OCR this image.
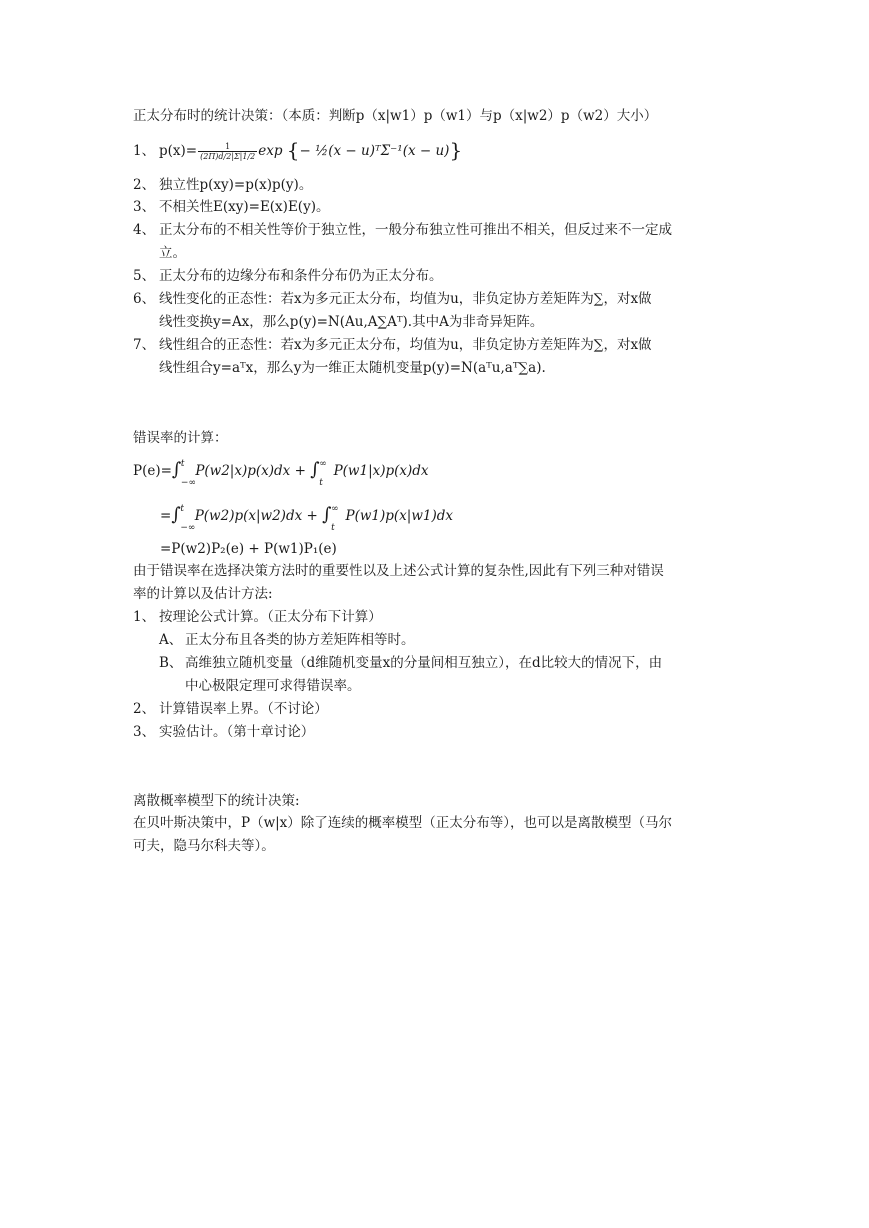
正太分布时的统计决策：（本质：判断p（x|w1）p（w1）与p（x|w2）p（w2）大小）
1、 $p(x)= \frac{1}{(2\Pi)d/2|\Sigma|1/2}$ exp {− ½(x − u)ᵀΣ⁻¹(x − u)}
2、 独立性p(xy)=p(x)p(y)。
3、 不相关性E(xy)=E(x)E(y)。
4、 正太分布的不相关性等价于独立性，一般分布独立性可推出不相关，但反过来不一定成
立。
5、 正太分布的边缘分布和条件分布仍为正太分布。
6、 线性变化的正态性：若x为多元正太分布，均值为u，非负定协方差矩阵为∑，对x做
线性变换y=Ax，那么p(y)=N(Au,A∑Aᵀ).其中A为非奇异矩阵。
7、 线性组合的正态性：若x为多元正太分布，均值为u，非负定协方差矩阵为∑，对x做
线性组合y=aᵀx，那么y为一维正太随机变量p(y)=N(aᵀu,aᵀ∑a).
错误率的计算：
P(e)=∫ t
−∞
P(w2|x)p(x)dx + ∫ ∞
t
P(w1|x)p(x)dx
=∫ t
−∞
P(w2)p(x|w2)dx + ∫ ∞
t
P(w1)p(x|w1)dx
=P(w2)P₂(e) + P(w1)P₁(e)
由于错误率在选择决策方法时的重要性以及上述公式计算的复杂性,因此有下列三种对错误
率的计算以及估计方法:
1、 按理论公式计算。（正太分布下计算）
A、 正太分布且各类的协方差矩阵相等时。
B、 高维独立随机变量（d维随机变量x的分量间相互独立），在d比较大的情况下，由
中心极限定理可求得错误率。
2、 计算错误率上界。（不讨论）
3、 实验估计。（第十章讨论）
离散概率模型下的统计决策:
在贝叶斯决策中，P（w|x）除了连续的概率模型（正太分布等），也可以是离散模型（马尔
可夫，隐马尔科夫等）。
